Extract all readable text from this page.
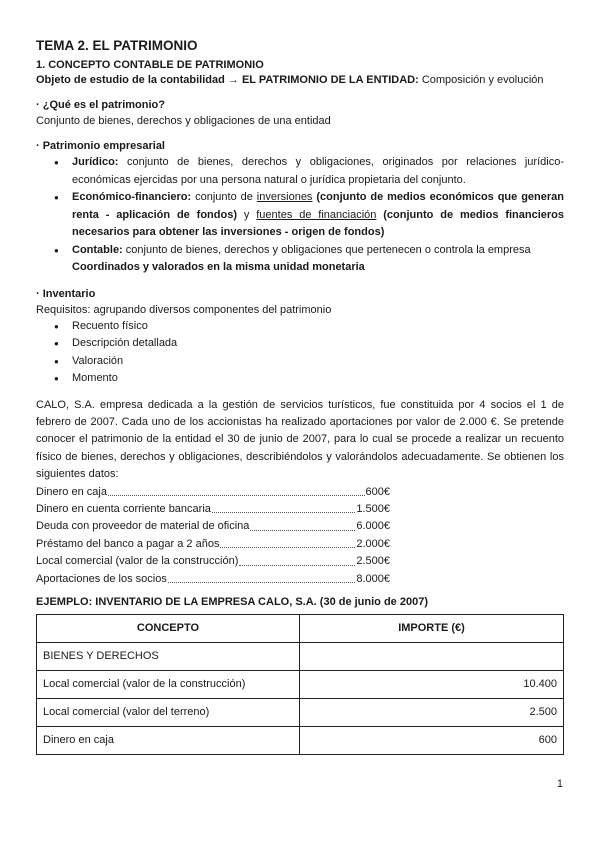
TEMA 2. EL PATRIMONIO
1. CONCEPTO CONTABLE DE PATRIMONIO
Objeto de estudio de la contabilidad → EL PATRIMONIO DE LA ENTIDAD: Composición y evolución
· ¿Qué es el patrimonio?
Conjunto de bienes, derechos y obligaciones de una entidad
· Patrimonio empresarial
● Jurídico: conjunto de bienes, derechos y obligaciones, originados por relaciones jurídico-económicas ejercidas por una persona natural o jurídica propietaria del conjunto.
● Económico-financiero: conjunto de inversiones (conjunto de medios económicos que generan renta - aplicación de fondos) y fuentes de financiación (conjunto de medios financieros necesarios para obtener las inversiones - origen de fondos)
● Contable: conjunto de bienes, derechos y obligaciones que pertenecen o controla la empresa
Coordinados y valorados en la misma unidad monetaria
· Inventario
Requisitos: agrupando diversos componentes del patrimonio
● Recuento físico
● Descripción detallada
● Valoración
● Momento
CALO, S.A. empresa dedicada a la gestión de servicios turísticos, fue constituida por 4 socios el 1 de febrero de 2007. Cada uno de los accionistas ha realizado aportaciones por valor de 2.000 €. Se pretende conocer el patrimonio de la entidad el 30 de junio de 2007, para lo cual se procede a realizar un recuento físico de bienes, derechos y obligaciones, describiéndolos y valorándolos adecuadamente. Se obtienen los siguientes datos:
Dinero en caja	600€
Dinero en cuenta corriente bancaria	1.500€
Deuda con proveedor de material de oficina	6.000€
Préstamo del banco a pagar a 2 años	2.000€
Local comercial (valor de la construcción)	2.500€
Aportaciones de los socios	8.000€
EJEMPLO: INVENTARIO DE LA EMPRESA CALO, S.A. (30 de junio de 2007)
CONCEPTO	IMPORTE (€)
BIENES Y DERECHOS	
Local comercial (valor de la construcción)	10.400
Local comercial (valor del terreno)	2.500
Dinero en caja	600
1
